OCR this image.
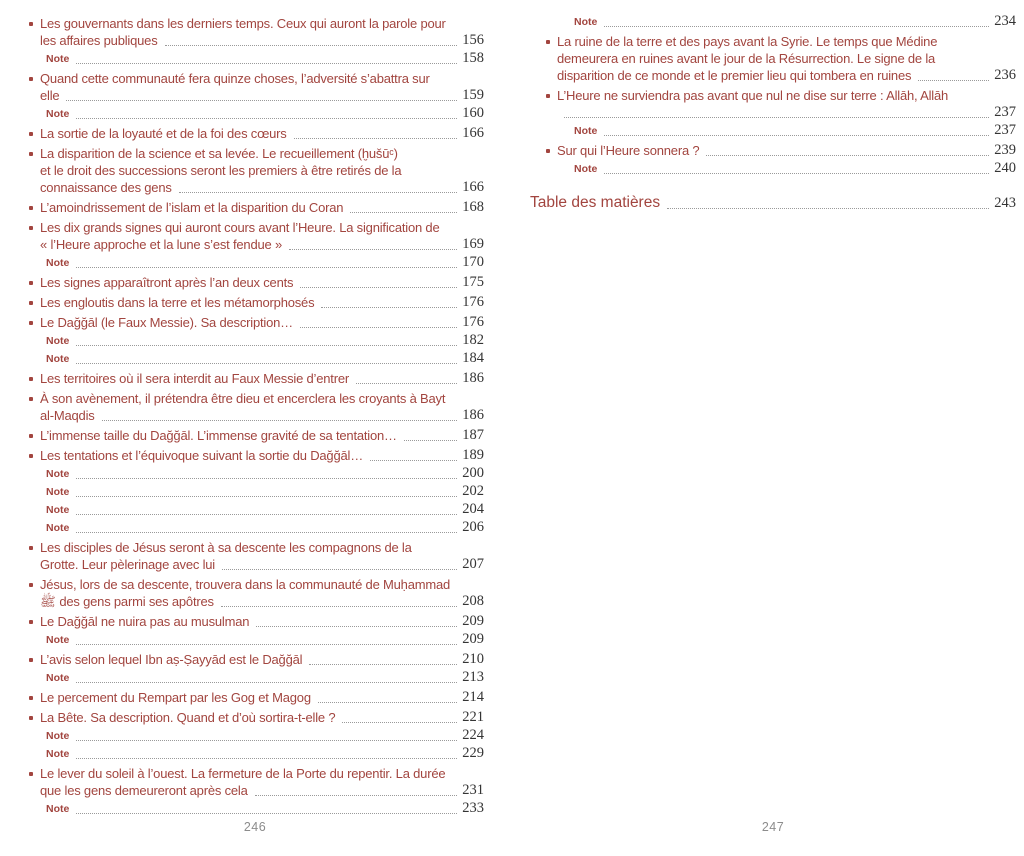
Les gouvernants dans les derniers temps. Ceux qui auront la parole pour
les affaires publiques	156
Note	158
Quand cette communauté fera quinze choses, l’adversité s’abattra sur
elle	159
Note	160
La sortie de la loyauté et de la foi des cœurs	166
La disparition de la science et sa levée. Le recueillement (ḫušūᶜ)
et le droit des successions seront les premiers à être retirés de la
connaissance des gens	166
L’amoindrissement de l’islam et la disparition du Coran	168
Les dix grands signes qui auront cours avant l’Heure. La signification de
« l’Heure approche et la lune s’est fendue »	169
Note	170
Les signes apparaîtront après l’an deux cents	175
Les engloutis dans la terre et les métamorphosés	176
Le Dağğāl (le Faux Messie). Sa description…	176
Note	182
Note	184
Les territoires où il sera interdit au Faux Messie d’entrer	186
À son avènement, il prétendra être dieu et encerclera les croyants à Bayt
al-Maqdis	186
L’immense taille du Dağğāl. L’immense gravité de sa tentation…	187
Les tentations et l’équivoque suivant la sortie du Dağğāl…	189
Note	200
Note	202
Note	204
Note	206
Les disciples de Jésus seront à sa descente les compagnons de la
Grotte. Leur pèlerinage avec lui	207
Jésus, lors de sa descente, trouvera dans la communauté de Muḥammad
ﷺ des gens parmi ses apôtres	208
Le Dağğāl ne nuira pas au musulman	209
Note	209
L’avis selon lequel Ibn aṣ-Ṣayyād est le Dağğāl	210
Note	213
Le percement du Rempart par les Gog et Magog	214
La Bête. Sa description. Quand et d’où sortira-t-elle ?	221
Note	224
Note	229
Le lever du soleil à l’ouest. La fermeture de la Porte du repentir. La durée
que les gens demeureront après cela	231
Note	233
Note	234
La ruine de la terre et des pays avant la Syrie. Le temps que Médine
demeurera en ruines avant le jour de la Résurrection. Le signe de la
disparition de ce monde et le premier lieu qui tombera en ruines	236
L’Heure ne surviendra pas avant que nul ne dise sur terre : Allāh, Allāh
237
Note	237
Sur qui l’Heure sonnera ?	239
Note	240
Table des matières	243
246	247
